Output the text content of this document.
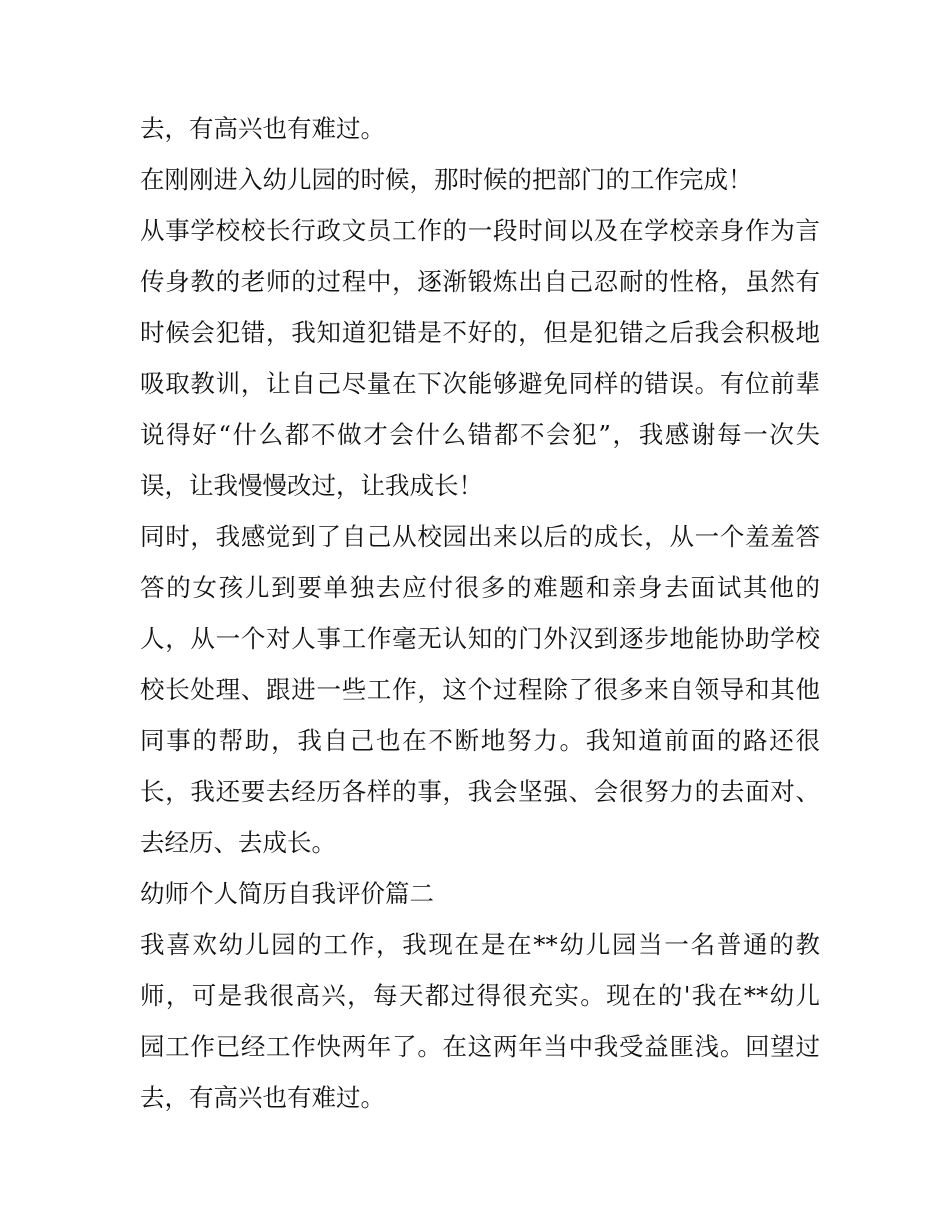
去，有高兴也有难过。
在刚刚进入幼儿园的时候，那时候的把部门的工作完成！
从事学校校长行政文员工作的一段时间以及在学校亲身作为言
传身教的老师的过程中，逐渐锻炼出自己忍耐的性格，虽然有
时候会犯错，我知道犯错是不好的，但是犯错之后我会积极地
吸取教训，让自己尽量在下次能够避免同样的错误。有位前辈
说得好“什么都不做才会什么错都不会犯”，我感谢每一次失
误，让我慢慢改过，让我成长！
同时，我感觉到了自己从校园出来以后的成长，从一个羞羞答
答的女孩儿到要单独去应付很多的难题和亲身去面试其他的
人，从一个对人事工作毫无认知的门外汉到逐步地能协助学校
校长处理、跟进一些工作，这个过程除了很多来自领导和其他
同事的帮助，我自己也在不断地努力。我知道前面的路还很
长，我还要去经历各样的事，我会坚强、会很努力的去面对、
去经历、去成长。
幼师个人简历自我评价篇二
我喜欢幼儿园的工作，我现在是在**幼儿园当一名普通的教
师，可是我很高兴，每天都过得很充实。现在的'我在**幼儿
园工作已经工作快两年了。在这两年当中我受益匪浅。回望过
去，有高兴也有难过。
